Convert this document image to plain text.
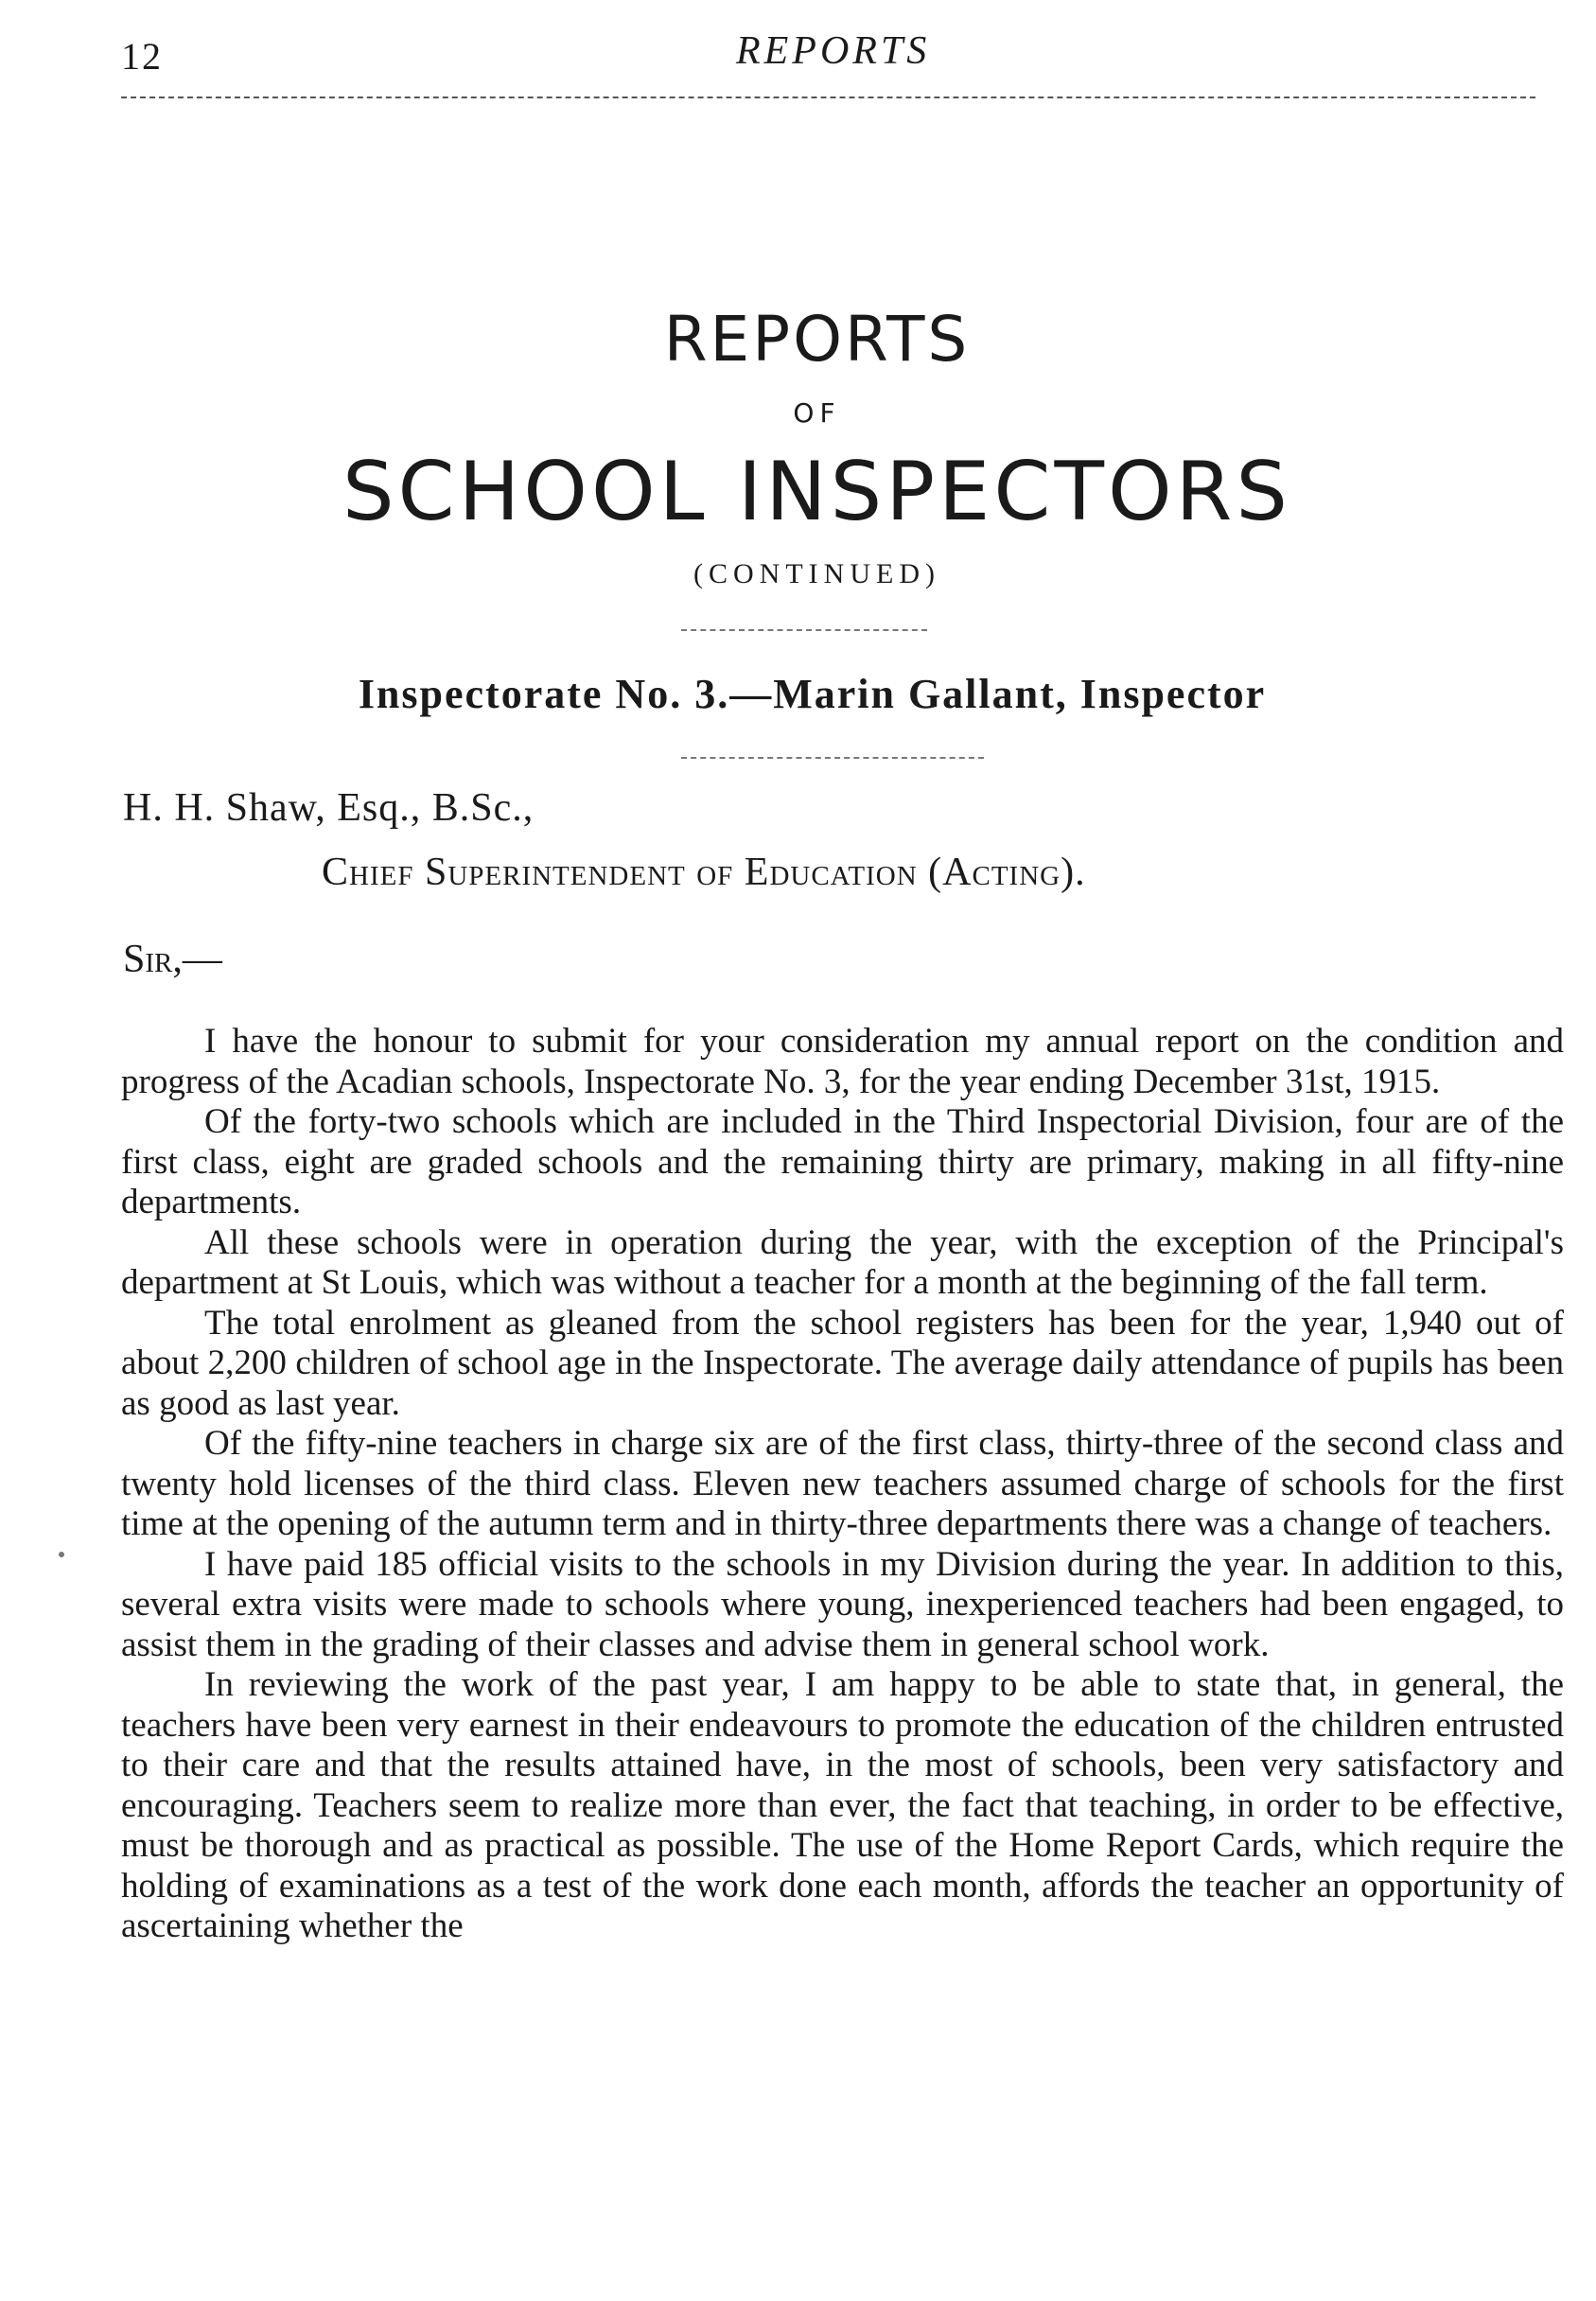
12	REPORTS
REPORTS
OF
SCHOOL INSPECTORS
(CONTINUED)
Inspectorate No. 3.—Marin Gallant, Inspector
H. H. Shaw, Esq., B.Sc.,
Chief Superintendent of Education (Acting).
Sir,—

I have the honour to submit for your consideration my annual report on the condition and progress of the Acadian schools, Inspectorate No. 3, for the year ending December 31st, 1915.

Of the forty-two schools which are included in the Third Inspectorial Division, four are of the first class, eight are graded schools and the remaining thirty are primary, making in all fifty-nine departments.

All these schools were in operation during the year, with the exception of the Principal's department at St Louis, which was without a teacher for a month at the beginning of the fall term.

The total enrolment as gleaned from the school registers has been for the year, 1,940 out of about 2,200 children of school age in the Inspectorate. The average daily attendance of pupils has been as good as last year.

Of the fifty-nine teachers in charge six are of the first class, thirty-three of the second class and twenty hold licenses of the third class. Eleven new teachers assumed charge of schools for the first time at the opening of the autumn term and in thirty-three departments there was a change of teachers.

I have paid 185 official visits to the schools in my Division during the year. In addition to this, several extra visits were made to schools where young, inexperienced teachers had been engaged, to assist them in the grading of their classes and advise them in general school work.

In reviewing the work of the past year, I am happy to be able to state that, in general, the teachers have been very earnest in their endeavours to promote the education of the children entrusted to their care and that the results attained have, in the most of schools, been very satisfactory and encouraging. Teachers seem to realize more than ever, the fact that teaching, in order to be effective, must be thorough and as practical as possible. The use of the Home Report Cards, which require the holding of examinations as a test of the work done each month, affords the teacher an opportunity of ascertaining whether the
